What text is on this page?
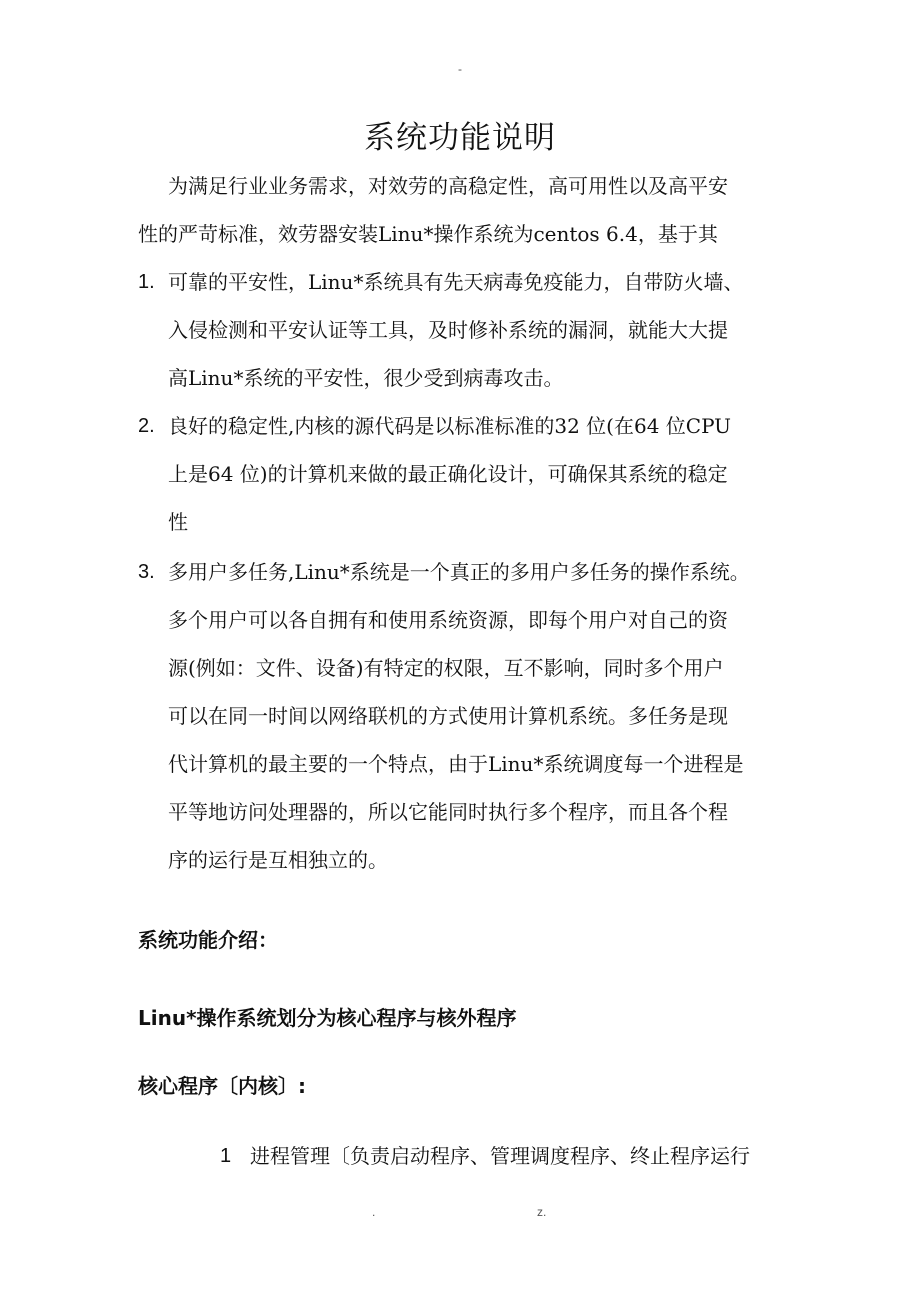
-
系统功能说明
为满足行业业务需求，对效劳的高稳定性，高可用性以及高平安
性的严苛标准，效劳器安装Linu*操作系统为centos 6.4，基于其
1. 可靠的平安性，Linu*系统具有先天病毒免疫能力，自带防火墙、
入侵检测和平安认证等工具，及时修补系统的漏洞，就能大大提
高Linu*系统的平安性，很少受到病毒攻击。
2. 良好的稳定性,内核的源代码是以标准标准的32 位(在64 位CPU
上是64 位)的计算机来做的最正确化设计，可确保其系统的稳定
性
3. 多用户多任务,Linu*系统是一个真正的多用户多任务的操作系统。
多个用户可以各自拥有和使用系统资源，即每个用户对自己的资
源(例如：文件、设备)有特定的权限，互不影响，同时多个用户
可以在同一时间以网络联机的方式使用计算机系统。多任务是现
代计算机的最主要的一个特点，由于Linu*系统调度每一个进程是
平等地访问处理器的，所以它能同时执行多个程序，而且各个程
序的运行是互相独立的。
系统功能介绍：
Linu*操作系统划分为核心程序与核外程序
核心程序〔内核〕:
1 进程管理〔负责启动程序、管理调度程序、终止程序运行
.	z.
